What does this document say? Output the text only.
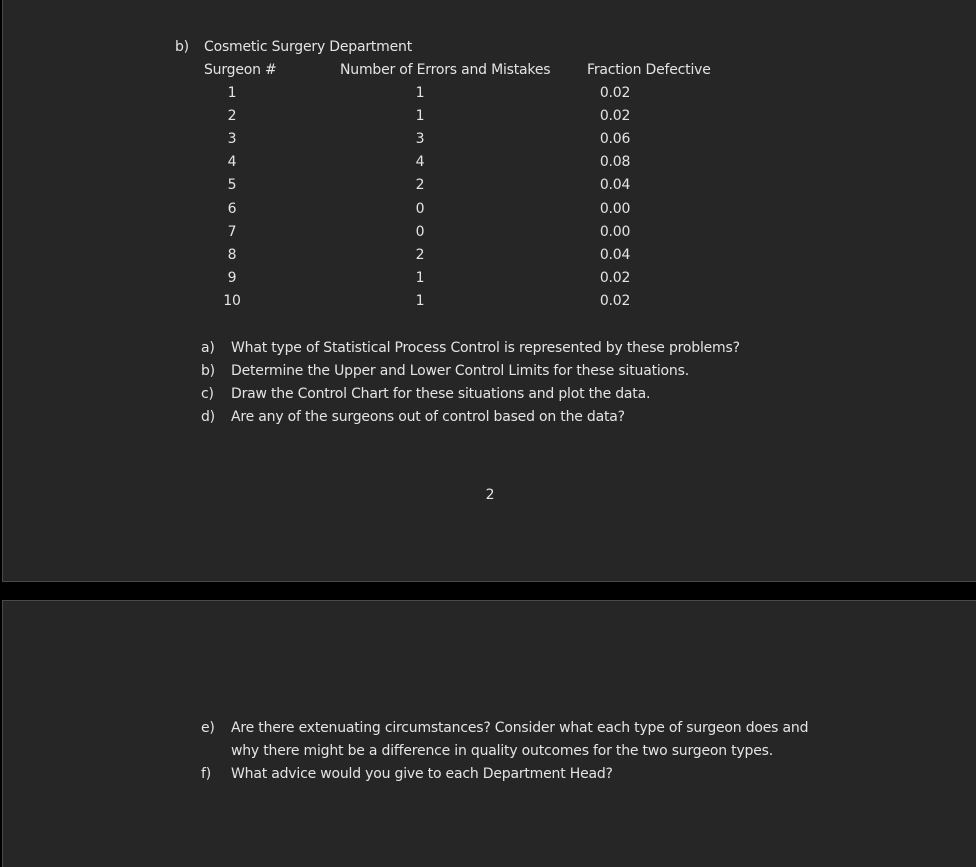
b) Cosmetic Surgery Department
Surgeon #	Number of Errors and Mistakes	Fraction Defective
1	1	0.02
2	1	0.02
3	3	0.06
4	4	0.08
5	2	0.04
6	0	0.00
7	0	0.00
8	2	0.04
9	1	0.02
10	1	0.02
a)	What type of Statistical Process Control is represented by these problems?
b)	Determine the Upper and Lower Control Limits for these situations.
c)	Draw the Control Chart for these situations and plot the data.
d)	Are any of the surgeons out of control based on the data?
2
e)	Are there extenuating circumstances? Consider what each type of surgeon does and
why there might be a difference in quality outcomes for the two surgeon types.
f)	What advice would you give to each Department Head?
